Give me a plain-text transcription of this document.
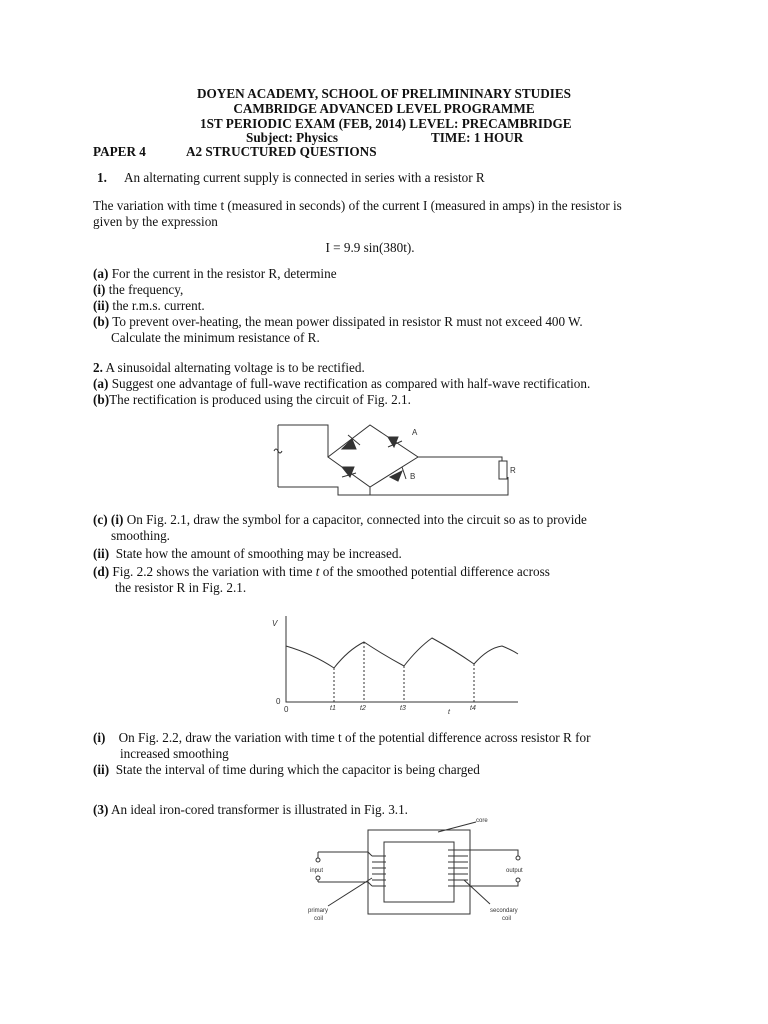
DOYEN ACADEMY, SCHOOL OF PRELIMININARY STUDIES
CAMBRIDGE ADVANCED LEVEL PROGRAMME
1ST PERIODIC EXAM (FEB, 2014) LEVEL: PRECAMBRIDGE
Subject: Physics	TIME: 1 HOUR
PAPER 4	A2 STRUCTURED QUESTIONS
1. An alternating current supply is connected in series with a resistor R
The variation with time t (measured in seconds) of the current I (measured in amps) in the resistor is
given by the expression
I = 9.9 sin(380t).
(a) For the current in the resistor R, determine
(i) the frequency,
(ii) the r.m.s. current.
(b) To prevent over-heating, the mean power dissipated in resistor R must not exceed 400 W.
Calculate the minimum resistance of R.
2. A sinusoidal alternating voltage is to be rectified.
(a) Suggest one advantage of full-wave rectification as compared with half-wave rectification.
(b)The rectification is produced using the circuit of Fig. 2.1.
A
B
R
(c) (i) On Fig. 2.1, draw the symbol for a capacitor, connected into the circuit so as to provide
smoothing.
(ii) State how the amount of smoothing may be increased.
(d) Fig. 2.2 shows the variation with time t of the smoothed potential difference across
the resistor R in Fig. 2.1.
V
0
0	t1	t2	t3	t4
t
(i) On Fig. 2.2, draw the variation with time t of the potential difference across resistor R for
increased smoothing
(ii) State the interval of time during which the capacitor is being charged
(3) An ideal iron-cored transformer is illustrated in Fig. 3.1.
core
input	output
primary
coil
secondary
coil
